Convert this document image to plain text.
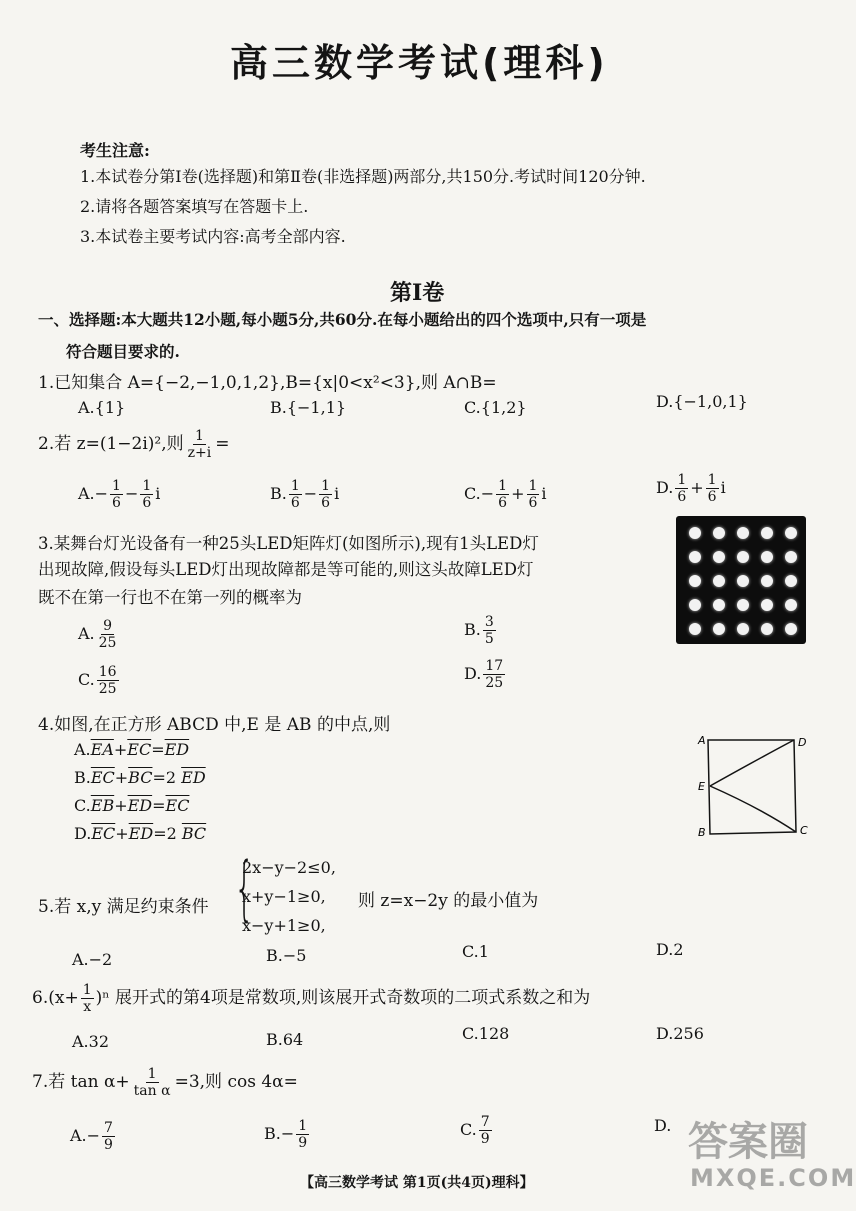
高三数学考试(理科)
考生注意:
1.本试卷分第Ⅰ卷(选择题)和第Ⅱ卷(非选择题)两部分,共150分.考试时间120分钟.
2.请将各题答案填写在答题卡上.
3.本试卷主要考试内容:高考全部内容.
第Ⅰ卷
一、选择题:本大题共12小题,每小题5分,共60分.在每小题给出的四个选项中,只有一项是
符合题目要求的.
1.已知集合 A={−2,−1,0,1,2},B={x|0<x²<3},则 A∩B=
A.{1}	B.{−1,1}	C.{1,2}	D.{−1,0,1}
2.若 z=(1−2i)²,则 $\frac{1}{z+i}$ =
$A.- \frac{1}{6} - \frac{1}{6}$ i	B. $\frac{1}{6} - \frac{1}{6}$ i	$C.- \frac{1}{6} + \frac{1}{6}$ i	D. $\frac{1}{6} + \frac{1}{6}$ i
3.某舞台灯光设备有一种25头LED矩阵灯(如图所示),现有1头LED灯
出现故障,假设每头LED灯出现故障都是等可能的,则这头故障LED灯
既不在第一行也不在第一列的概率为
A. $\frac{9}{25}$	B. $\frac{3}{5}$
C. $\frac{16}{25}$	D. $\frac{17}{25}$
4.如图,在正方形 ABCD 中,E 是 AB 的中点,则
$A.\overline{EA}+\overline{EC}=\overline{ED}$
$B.\overline{EC}+\overline{BC}=2$ $\overline{ED}$
$C.\overline{EB}+\overline{ED}=\overline{EC}$
$D.\overline{EC}+\overline{ED}=2$ $\overline{BC}$
A	D
E
B	C
5.若 x,y 满足约束条件 {
2x−y−2≤0,
x+y−1≥0,
x−y+1≥0,
则 z=x−2y 的最小值为
A.−2	B.−5	C.1	D.2
$6.(x+ \frac{1}{x} )^n$ 展开式的第4项是常数项,则该展开式奇数项的二项式系数之和为
A.32	B.64	C.128	D.256
7.若 $\tan \alpha+ \frac{1}{\text{tan α}} =3$,则 cos 4α=
$A.- \frac{7}{9}$	$B.- \frac{1}{9}$	C. $\frac{7}{9}$	D.
【高三数学考试 第1页(共4页)理科】
答案圈
MXQE.COM
